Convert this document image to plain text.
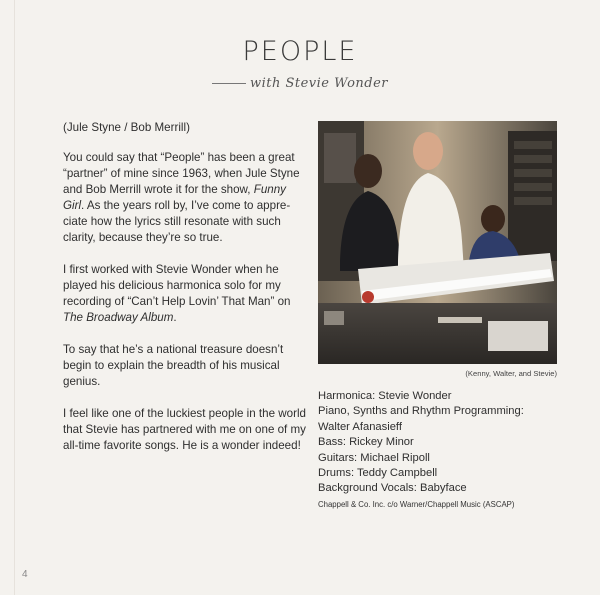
PEOPLE
with Stevie Wonder

(Jule Styne / Bob Merrill)

You could say that “People” has been a great “partner” of mine since 1963, when Jule Styne and Bob Merrill wrote it for the show, Funny Girl. As the years roll by, I’ve come to appreciate how the lyrics still resonate with such clarity, because they’re so true.

I first worked with Stevie Wonder when he played his delicious harmonica solo for my recording of “Can’t Help Lovin’ That Man” on The Broadway Album.

To say that he’s a national treasure doesn’t begin to explain the breadth of his musical genius.

I feel like one of the luckiest people in the world that Stevie has partnered with me on one of my all-time favorite songs. He is a wonder indeed!

(Kenny, Walter, and Stevie)
Harmonica: Stevie Wonder
Piano, Synths and Rhythm Programming:
Walter Afanasieff
Bass: Rickey Minor
Guitars: Michael Ripoll
Drums: Teddy Campbell
Background Vocals: Babyface
Chappell & Co. Inc. c/o Warner/Chappell Music (ASCAP)
4
